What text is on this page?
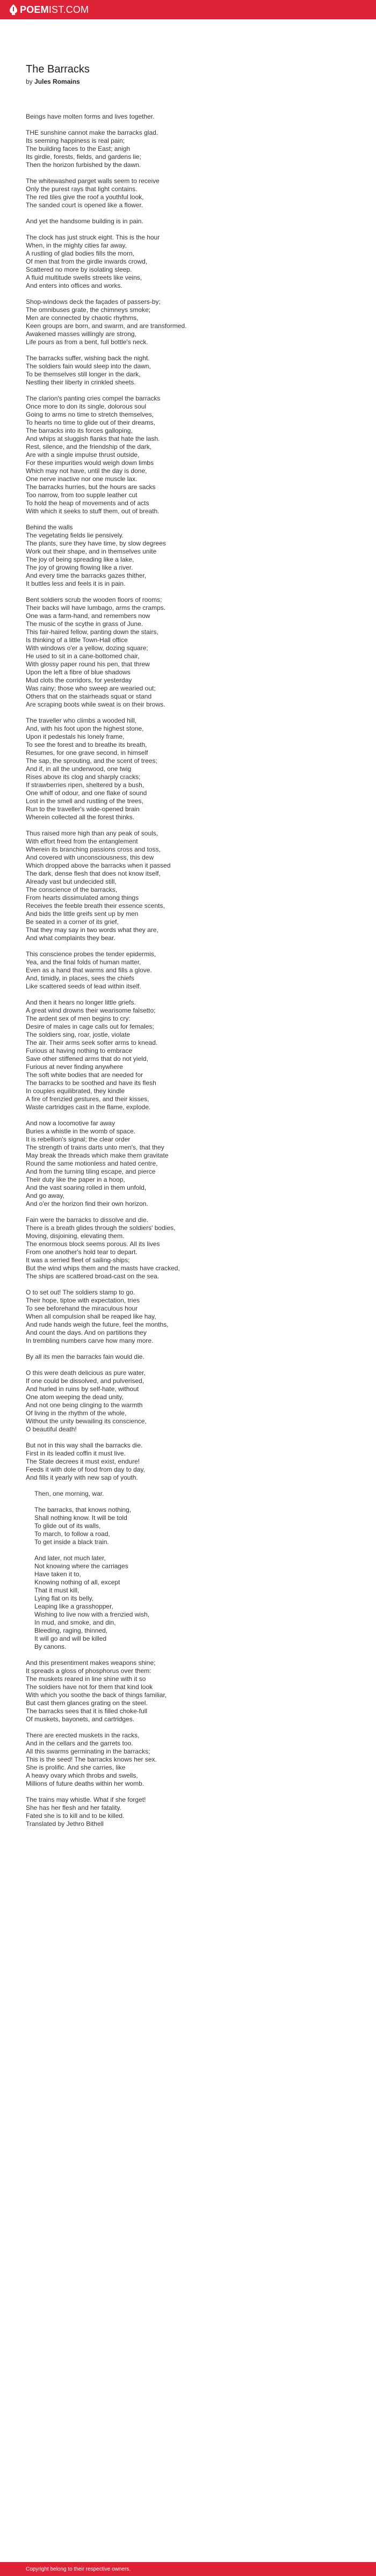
POEMIST.COM
The Barracks

by Jules Romains

Beings have molten forms and lives together.

THE sunshine cannot make the barracks glad.
Its seeming happiness is real pain;
The building faces to the East; anigh
Its girdle, forests, fields, and gardens lie;
Then the horizon furbished by the dawn.

The whitewashed parget walls seem to receive
Only the purest rays that light contains.
The red tiles give the roof a youthful look,
The sanded court is opened like a flower.

And yet the handsome building is in pain.

The clock has just struck eight. This is the hour
When, in the mighty cities far away,
A rustling of glad bodies fills the morn,
Of men that from the girdle inwards crowd,
Scattered no more by isolating sleep.
A fluid multitude swells streets like veins,
And enters into offices and works.

Shop-windows deck the façades of passers-by;
The omnibuses grate, the chimneys smoke;
Men are connected by chaotic rhythms,
Keen groups are born, and swarm, and are transformed.
Awakened masses willingly are strong,
Life pours as from a bent, full bottle's neck.

The barracks suffer, wishing back the night.
The soldiers fain would sleep into the dawn,
To be themselves still longer in the dark,
Nestling their liberty in crinkled sheets.

The clarion's panting cries compel the barracks
Once more to don its single, dolorous soul
Going to arms no time to stretch themselves,
To hearts no time to glide out of their dreams,
The barracks into its forces galloping,
And whips at sluggish flanks that hate the lash.
Rest, silence, and the friendship of the dark,
Are with a single impulse thrust outside,
For these impurities would weigh down limbs
Which may not have, until the day is done,
One nerve inactive nor one muscle lax.
The barracks hurries, but the hours are sacks
Too narrow, from too supple leather cut
To hold the heap of movements and of acts
With which it seeks to stuff them, out of breath.

Behind the walls
The vegetating fields lie pensively.
The plants, sure they have time, by slow degrees
Work out their shape, and in themselves unite
The joy of being spreading like a lake,
The joy of growing flowing like a river.
And every time the barracks gazes thither,
It buttles less and feels it is in pain.

Bent soldiers scrub the wooden floors of rooms;
Their backs will have lumbago, arms the cramps.
One was a farm-hand, and remembers now
The music of the scythe in grass of June.
This fair-haired fellow, panting down the stairs,
Is thinking of a little Town-Hall office
With windows o'er a yellow, dozing square;
He used to sit in a cane-bottomed chair,
With glossy paper round his pen, that threw
Upon the left a fibre of blue shadows
Mud clots the corridors, for yesterday
Was rainy; those who sweep are wearied out;
Others that on the stairheads squat or stand
Are scraping boots while sweat is on their brows.

The traveller who climbs a wooded hill,
And, with his foot upon the highest stone,
Upon it pedestals his lonely frame,
To see the forest and to breathe its breath,
Resumes, for one grave second, in himself
The sap, the sprouting, and the scent of trees;
And if, in all the underwood, one twig
Rises above its clog and sharply cracks;
If strawberries ripen, sheltered by a bush,
One whiff of odour, and one flake of sound
Lost in the smell and rustling of the trees,
Run to the traveller's wide-opened brain
Wherein collected all the forest thinks.

Thus raised more high than any peak of souls,
With effort freed from the entanglement
Wherein its branching passions cross and toss,
And covered with unconsciousness, this dew
Which dropped above the barracks when it passed
The dark, dense flesh that does not know itself,
Already vast but undecided still,
The conscience of the barracks,
From hearts dissimulated among things
Receives the feeble breath their essence scents,
And bids the little greifs sent up by men
Be seated in a corner of its grief,
That they may say in two words what they are,
And what complaints they bear.

This conscience probes the tender epidermis,
Yea, and the final folds of human matter,
Even as a hand that warms and fills a glove.
And, timidly, in places, sees the chiefs
Like scattered seeds of lead within itself.

And then it hears no longer little griefs.
A great wind drowns their wearisome falsetto;
The ardent sex of men begins to cry:
Desire of males in cage calls out for females;
The soldiers sing, roar, jostle, violate
The air. Their arms seek softer arms to knead.
Furious at having nothing to embrace
Save other stiffened arms that do not yield,
Furious at never finding anywhere
The soft white bodies that are needed for
The barracks to be soothed and have its flesh
In couples equilibrated, they kindle
A fire of frenzied gestures, and their kisses,
Waste cartridges cast in the flame, explode.

And now a locomotive far away
Buries a whistle in the womb of space.
It is rebellion's signal; the clear order
The strength of trains darts unto men's, that they
May break the threads which make them gravitate
Round the same motionless and hated centre,
And from the turning tiling escape, and pierce
Their duty like the paper in a hoop,
And the vast soaring rolled in them unfold,
And go away,
And o'er the horizon find their own horizon.

Fain were the barracks to dissolve and die.
There is a breath glides through the soldiers' bodies,
Moving, disjoining, elevating them.
The enormous block seems porous. All its lives
From one another's hold tear to depart.
It was a serried fleet of sailing-ships;
But the wind whips them and the masts have cracked,
The ships are scattered broad-cast on the sea.

O to set out! The soldiers stamp to go.
Their hope, tiptoe with expectation, tries
To see beforehand the miraculous hour
When all compulsion shall be reaped like hay,
And rude hands weigh the future, feel the months,
And count the days. And on partitions they
In trembling numbers carve how many more.

By all its men the barracks fain would die.

O this were death delicious as pure water,
If one could be dissolved, and pulverised,
And hurled in ruins by self-hate, without
One atom weeping the dead unity,
And not one being clinging to the warmth
Of living in the rhythm of the whole,
Without the unity bewailing its conscience,
O beautiful death!

But not in this way shall the barracks die.
First in its leaded coffin it must live.
The State decrees it must exist, endure!
Feeds it with dole of food from day to day,
And fills it yearly with new sap of youth.

Then, one morning, war.

The barracks, that knows nothing,
Shall nothing know. It will be told
To glide out of its walls,
To march, to follow a road,
To get inside a black train.

And later, not much later,
Not knowing where the carriages
Have taken it to,
Knowing nothing of all, except
That it must kill,
Lying flat on its belly,
Leaping like a grasshopper,
Wishing to live now with a frenzied wish,
In mud, and smoke, and din,
Bleeding, raging, thinned,
It will go and will be killed
By canons.

And this presentiment makes weapons shine;
It spreads a gloss of phosphorus over them:
The muskets reared in line shine with it so
The soldiers have not for them that kind look
With which you soothe the back of things familiar,
But cast them glances grating on the steel.
The barracks sees that it is filled choke-full
Of muskets, bayonets, and cartridges.

There are erected muskets in the racks,
And in the cellars and the garrets too.
All this swarms germinating in the barracks;
This is the seed! The barracks knows her sex.
She is prolific. And she carries, like
A heavy ovary which throbs and swells,
Millions of future deaths within her womb.

The trains may whistle. What if she forget!
She has her flesh and her fatality.
Fated she is to kill and to be killed.
Translated by Jethro Bithell

Copyright belong to their respective owners.
